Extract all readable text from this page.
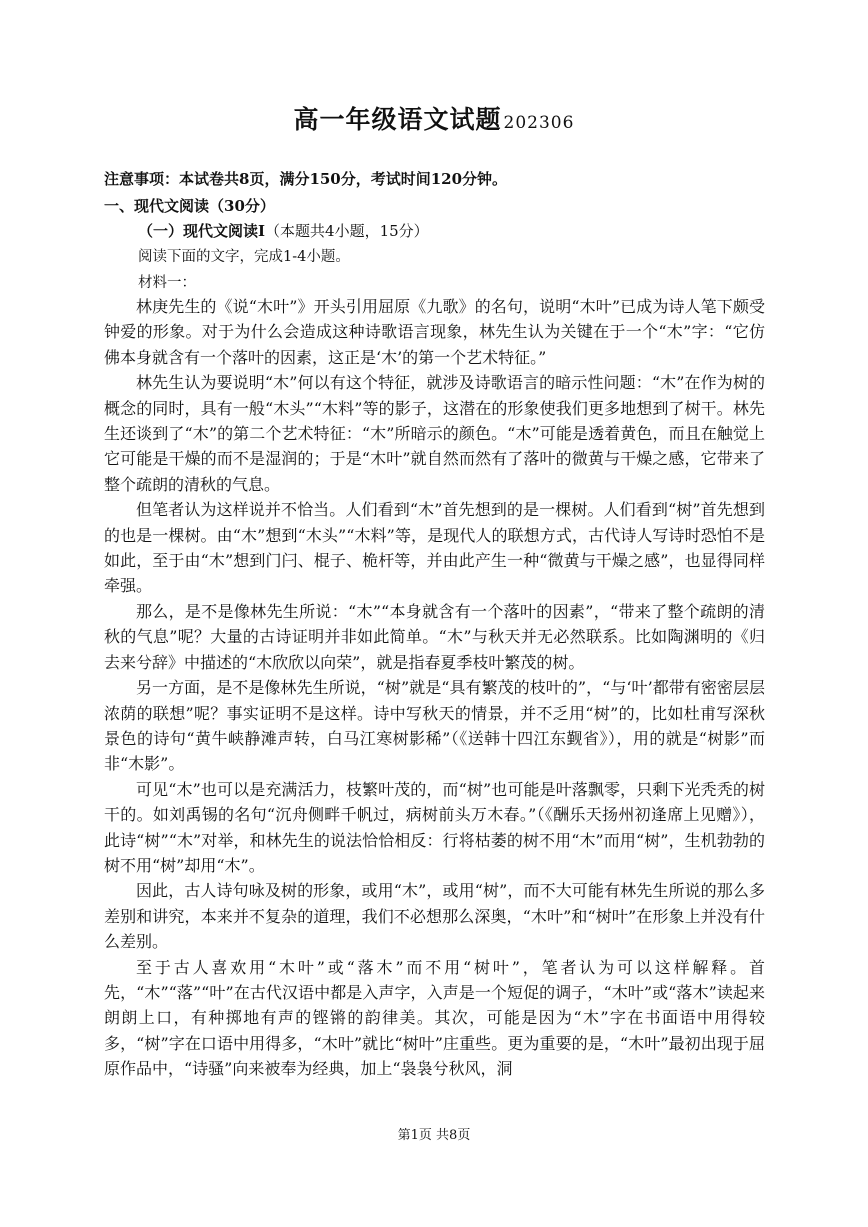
高一年级语文试题 202306
注意事项：本试卷共8页，满分150分，考试时间120分钟。
一、现代文阅读（30分）
（一）现代文阅读Ⅰ（本题共4小题，15分）
阅读下面的文字，完成1-4小题。
材料一：

林庚先生的《说“木叶”》开头引用屈原《九歌》的名句，说明“木叶”已成为诗人笔下颇受钟爱的形象。对于为什么会造成这种诗歌语言现象，林先生认为关键在于一个“木”字：“它仿佛本身就含有一个落叶的因素，这正是‘木’的第一个艺术特征。”

林先生认为要说明“木”何以有这个特征，就涉及诗歌语言的暗示性问题：“木”在作为树的概念的同时，具有一般“木头”“木料”等的影子，这潜在的形象使我们更多地想到了树干。林先生还谈到了“木”的第二个艺术特征：“木”所暗示的颜色。“木”可能是透着黄色，而且在触觉上它可能是干燥的而不是湿润的；于是“木叶”就自然而然有了落叶的微黄与干燥之感，它带来了整个疏朗的清秋的气息。

但笔者认为这样说并不恰当。人们看到“木”首先想到的是一棵树。人们看到“树”首先想到的也是一棵树。由“木”想到“木头”“木料”等，是现代人的联想方式，古代诗人写诗时恐怕不是如此，至于由“木”想到门闩、棍子、桅杆等，并由此产生一种“微黄与干燥之感”，也显得同样牵强。

那么，是不是像林先生所说：“木”“本身就含有一个落叶的因素”，“带来了整个疏朗的清秋的气息”呢？大量的古诗证明并非如此简单。“木”与秋天并无必然联系。比如陶渊明的《归去来兮辞》中描述的“木欣欣以向荣”，就是指春夏季枝叶繁茂的树。

另一方面，是不是像林先生所说，“树”就是“具有繁茂的枝叶的”，“与‘叶’都带有密密层层浓荫的联想”呢？事实证明不是这样。诗中写秋天的情景，并不乏用“树”的，比如杜甫写深秋景色的诗句“黄牛峡静滩声转，白马江寒树影稀”（《送韩十四江东觐省》），用的就是“树影”而非“木影”。

可见“木”也可以是充满活力，枝繁叶茂的，而“树”也可能是叶落飘零，只剩下光秃秃的树干的。如刘禹锡的名句“沉舟侧畔千帆过，病树前头万木春。”（《酬乐天扬州初逢席上见赠》），此诗“树”“木”对举，和林先生的说法恰恰相反：行将枯萎的树不用“木”而用“树”，生机勃勃的树不用“树”却用“木”。

因此，古人诗句咏及树的形象，或用“木”，或用“树”，而不大可能有林先生所说的那么多差别和讲究，本来并不复杂的道理，我们不必想那么深奥，“木叶”和“树叶”在形象上并没有什么差别。

至于古人喜欢用“木叶”或“落木”而不用“树叶”，笔者认为可以这样解释。首先，“木”“落”“叶”在古代汉语中都是入声字，入声是一个短促的调子，“木叶”或“落木”读起来朗朗上口，有种掷地有声的铿锵的韵律美。其次，可能是因为“木”字在书面语中用得较多，“树”字在口语中用得多，“木叶”就比“树叶”庄重些。更为重要的是，“木叶”最初出现于屈原作品中，“诗骚”向来被奉为经典，加上“袅袅兮秋风，洞

第1页 共8页
